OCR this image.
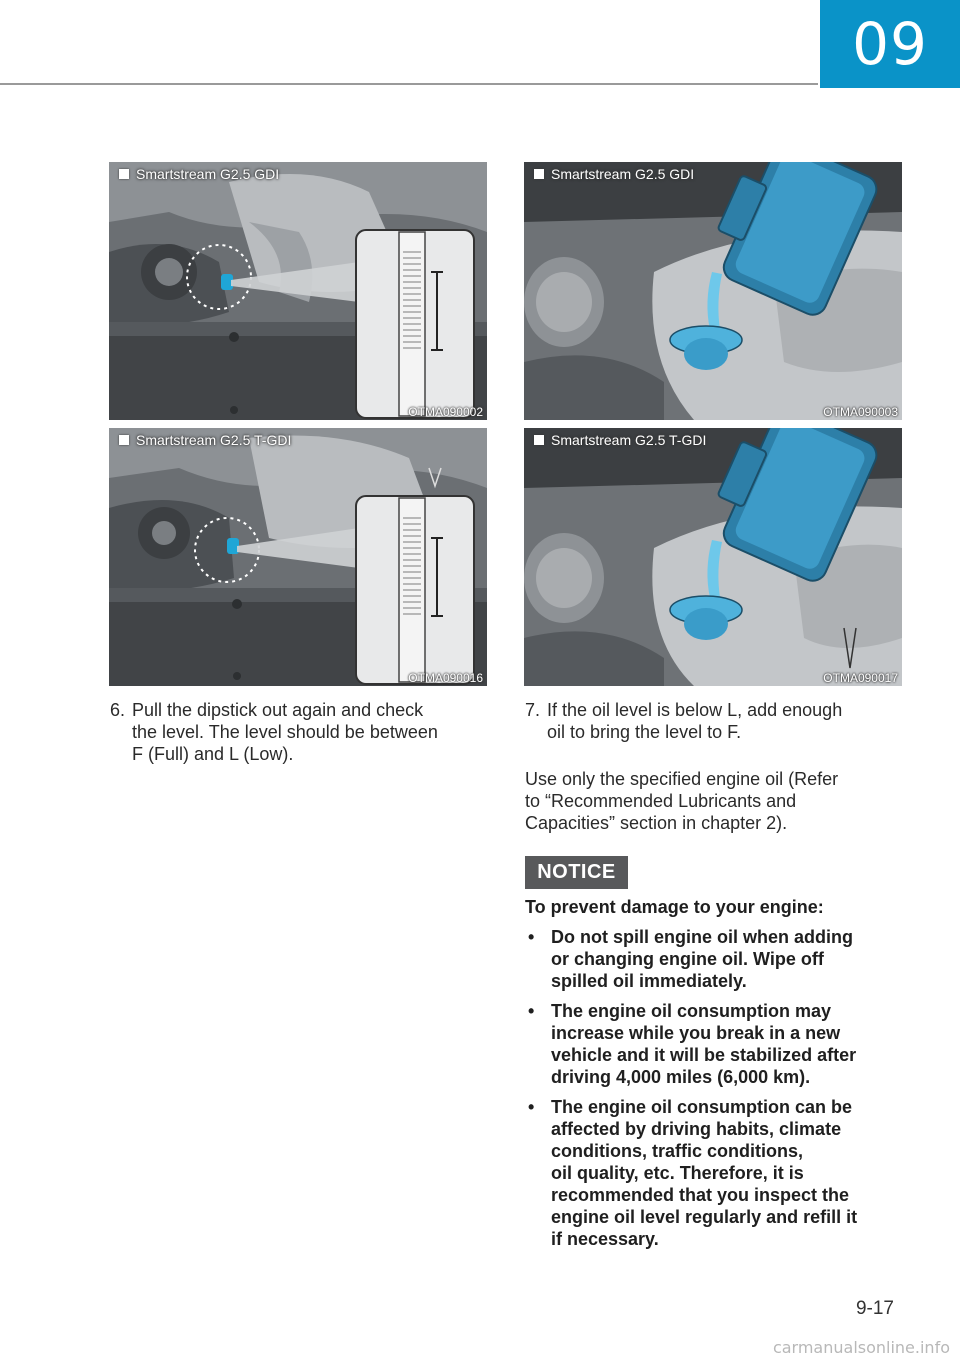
09
Smartstream G2.5 GDI
OTMA090002
Smartstream G2.5 T-GDI
OTMA090016
Smartstream G2.5 GDI
OTMA090003
Smartstream G2.5 T-GDI
OTMA090017
6. Pull the dipstick out again and check
the level. The level should be between
F (Full) and L (Low).
7. If the oil level is below L, add enough
oil to bring the level to F.
Use only the specified engine oil (Refer
to “Recommended Lubricants and
Capacities” section in chapter 2).
NOTICE
To prevent damage to your engine:
• Do not spill engine oil when adding
or changing engine oil. Wipe off
spilled oil immediately.
• The engine oil consumption may
increase while you break in a new
vehicle and it will be stabilized after
driving 4,000 miles (6,000 km).
• The engine oil consumption can be
affected by driving habits, climate
conditions, traffic conditions,
oil quality, etc. Therefore, it is
recommended that you inspect the
engine oil level regularly and refill it
if necessary.
9-17
carmanualsonline.info
